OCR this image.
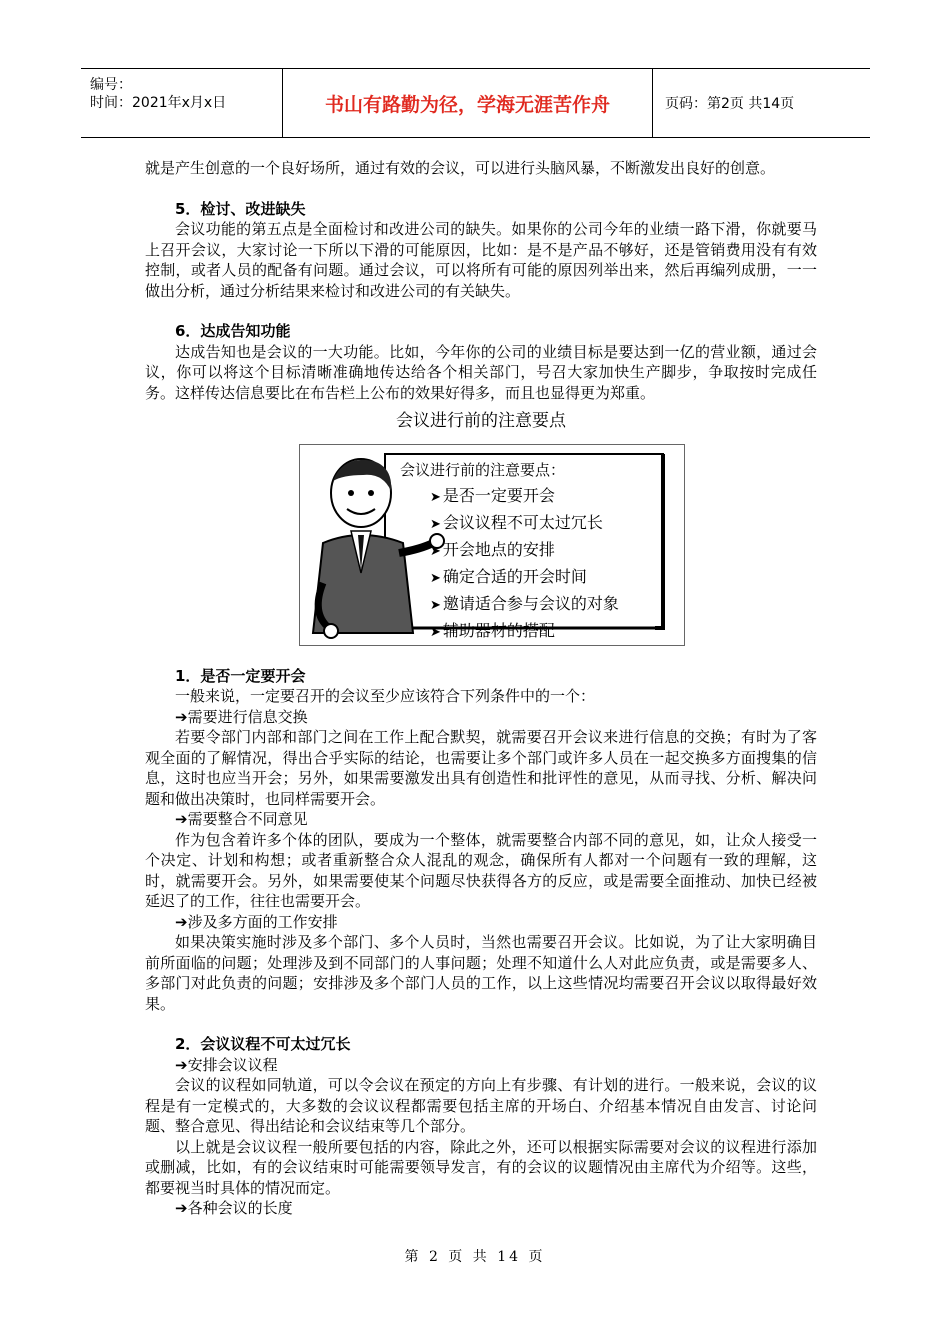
编号：
时间：2021年x月x日	书山有路勤为径，学海无涯苦作舟	页码：第2页 共14页

就是产生创意的一个良好场所，通过有效的会议，可以进行头脑风暴，不断激发出良好的创意。

5．检讨、改进缺失

会议功能的第五点是全面检讨和改进公司的缺失。如果你的公司今年的业绩一路下滑，你就要马上召开会议，大家讨论一下所以下滑的可能原因，比如：是不是产品不够好，还是管销费用没有有效控制，或者人员的配备有问题。通过会议，可以将所有可能的原因列举出来，然后再编列成册，一一做出分析，通过分析结果来检讨和改进公司的有关缺失。

6．达成告知功能

达成告知也是会议的一大功能。比如，今年你的公司的业绩目标是要达到一亿的营业额，通过会议，你可以将这个目标清晰准确地传达给各个相关部门，号召大家加快生产脚步，争取按时完成任务。这样传达信息要比在布告栏上公布的效果好得多，而且也显得更为郑重。

会议进行前的注意要点
会议进行前的注意要点：
➤ 是否一定要开会
➤ 会议议程不可太过冗长
➤ 开会地点的安排
➤ 确定合适的开会时间
➤ 邀请适合参与会议的对象
➤ 辅助器材的搭配
1．是否一定要开会

一般来说，一定要召开的会议至少应该符合下列条件中的一个：

➔需要进行信息交换

若要令部门内部和部门之间在工作上配合默契，就需要召开会议来进行信息的交换；有时为了客观全面的了解情况，得出合乎实际的结论，也需要让多个部门或许多人员在一起交换多方面搜集的信息，这时也应当开会；另外，如果需要激发出具有创造性和批评性的意见，从而寻找、分析、解决问题和做出决策时，也同样需要开会。

➔需要整合不同意见

作为包含着许多个体的团队，要成为一个整体，就需要整合内部不同的意见，如，让众人接受一个决定、计划和构想；或者重新整合众人混乱的观念，确保所有人都对一个问题有一致的理解，这时，就需要开会。另外，如果需要使某个问题尽快获得各方的反应，或是需要全面推动、加快已经被延迟了的工作，往往也需要开会。

➔涉及多方面的工作安排

如果决策实施时涉及多个部门、多个人员时，当然也需要召开会议。比如说，为了让大家明确目前所面临的问题；处理涉及到不同部门的人事问题；处理不知道什么人对此应负责，或是需要多人、多部门对此负责的问题；安排涉及多个部门人员的工作，以上这些情况均需要召开会议以取得最好效果。

2．会议议程不可太过冗长

➔安排会议议程

会议的议程如同轨道，可以令会议在预定的方向上有步骤、有计划的进行。一般来说，会议的议程是有一定模式的，大多数的会议议程都需要包括主席的开场白、介绍基本情况自由发言、讨论问题、整合意见、得出结论和会议结束等几个部分。

以上就是会议议程一般所要包括的内容，除此之外，还可以根据实际需要对会议的议程进行添加或删减，比如，有的会议结束时可能需要领导发言，有的会议的议题情况由主席代为介绍等。这些，都要视当时具体的情况而定。

➔各种会议的长度

第 2 页 共 14 页
